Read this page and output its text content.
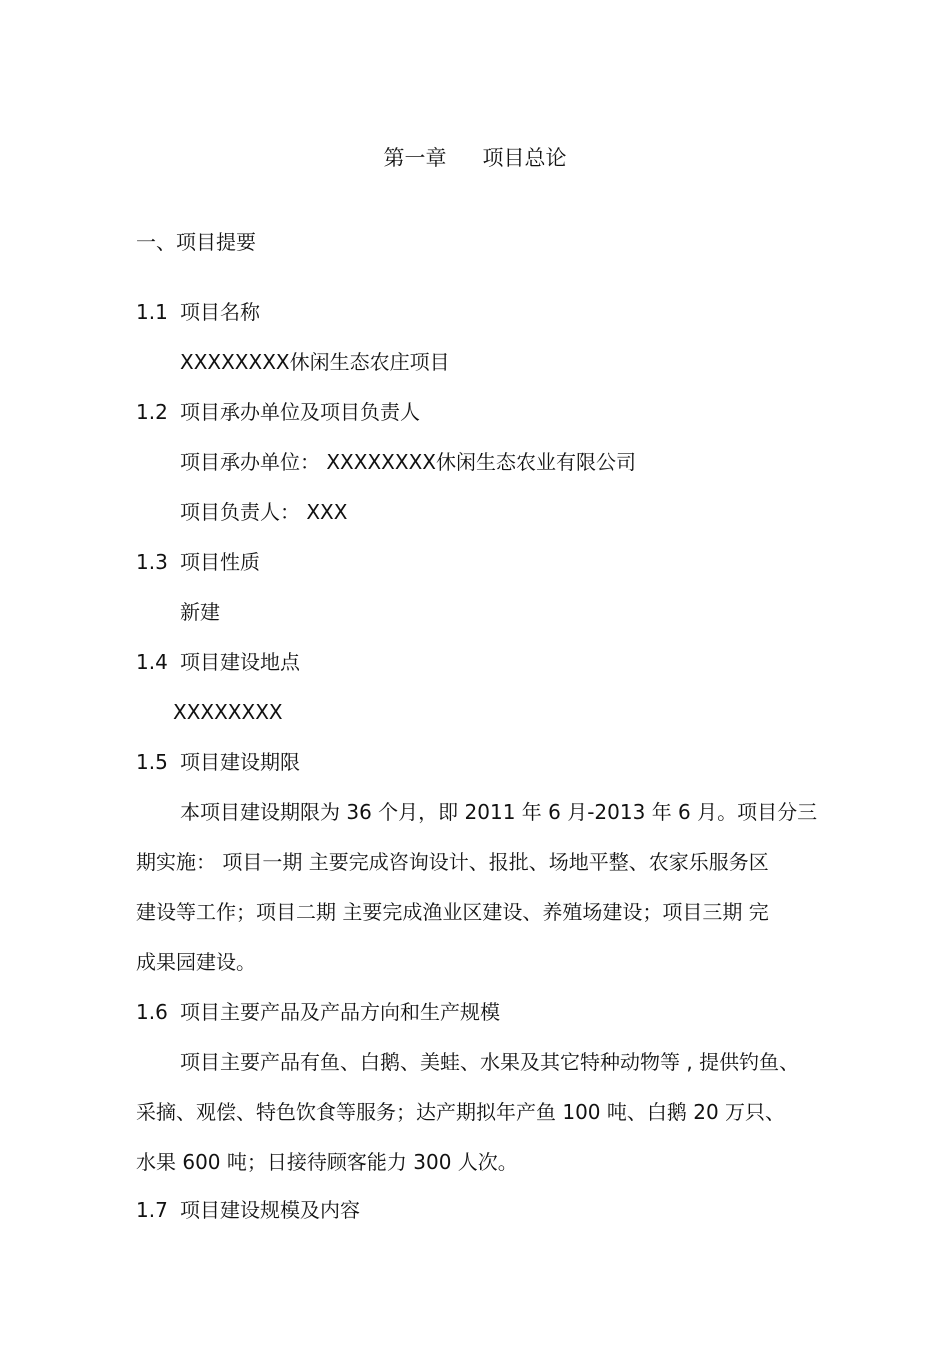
第一章 项目总论
一、项目提要
1.1 项目名称
XXXXXXXX休闲生态农庄项目
1.2 项目承办单位及项目负责人
项目承办单位： XXXXXXXX休闲生态农业有限公司
项目负责人： XXX
1.3 项目性质
新建
1.4 项目建设地点
XXXXXXXX
1.5 项目建设期限
本项目建设期限为 36 个月，即 2011 年 6 月-2013 年 6 月。项目分三
期实施： 项目一期 主要完成咨询设计、报批、场地平整、农家乐服务区
建设等工作；项目二期 主要完成渔业区建设、养殖场建设；项目三期 完
成果园建设。
1.6 项目主要产品及产品方向和生产规模
项目主要产品有鱼、白鹅、美蛙、水果及其它特种动物等 , 提供钓鱼、
采摘、观偿、特色饮食等服务；达产期拟年产鱼 100 吨、白鹅 20 万只、
水果 600 吨；日接待顾客能力 300 人次。
1.7 项目建设规模及内容
